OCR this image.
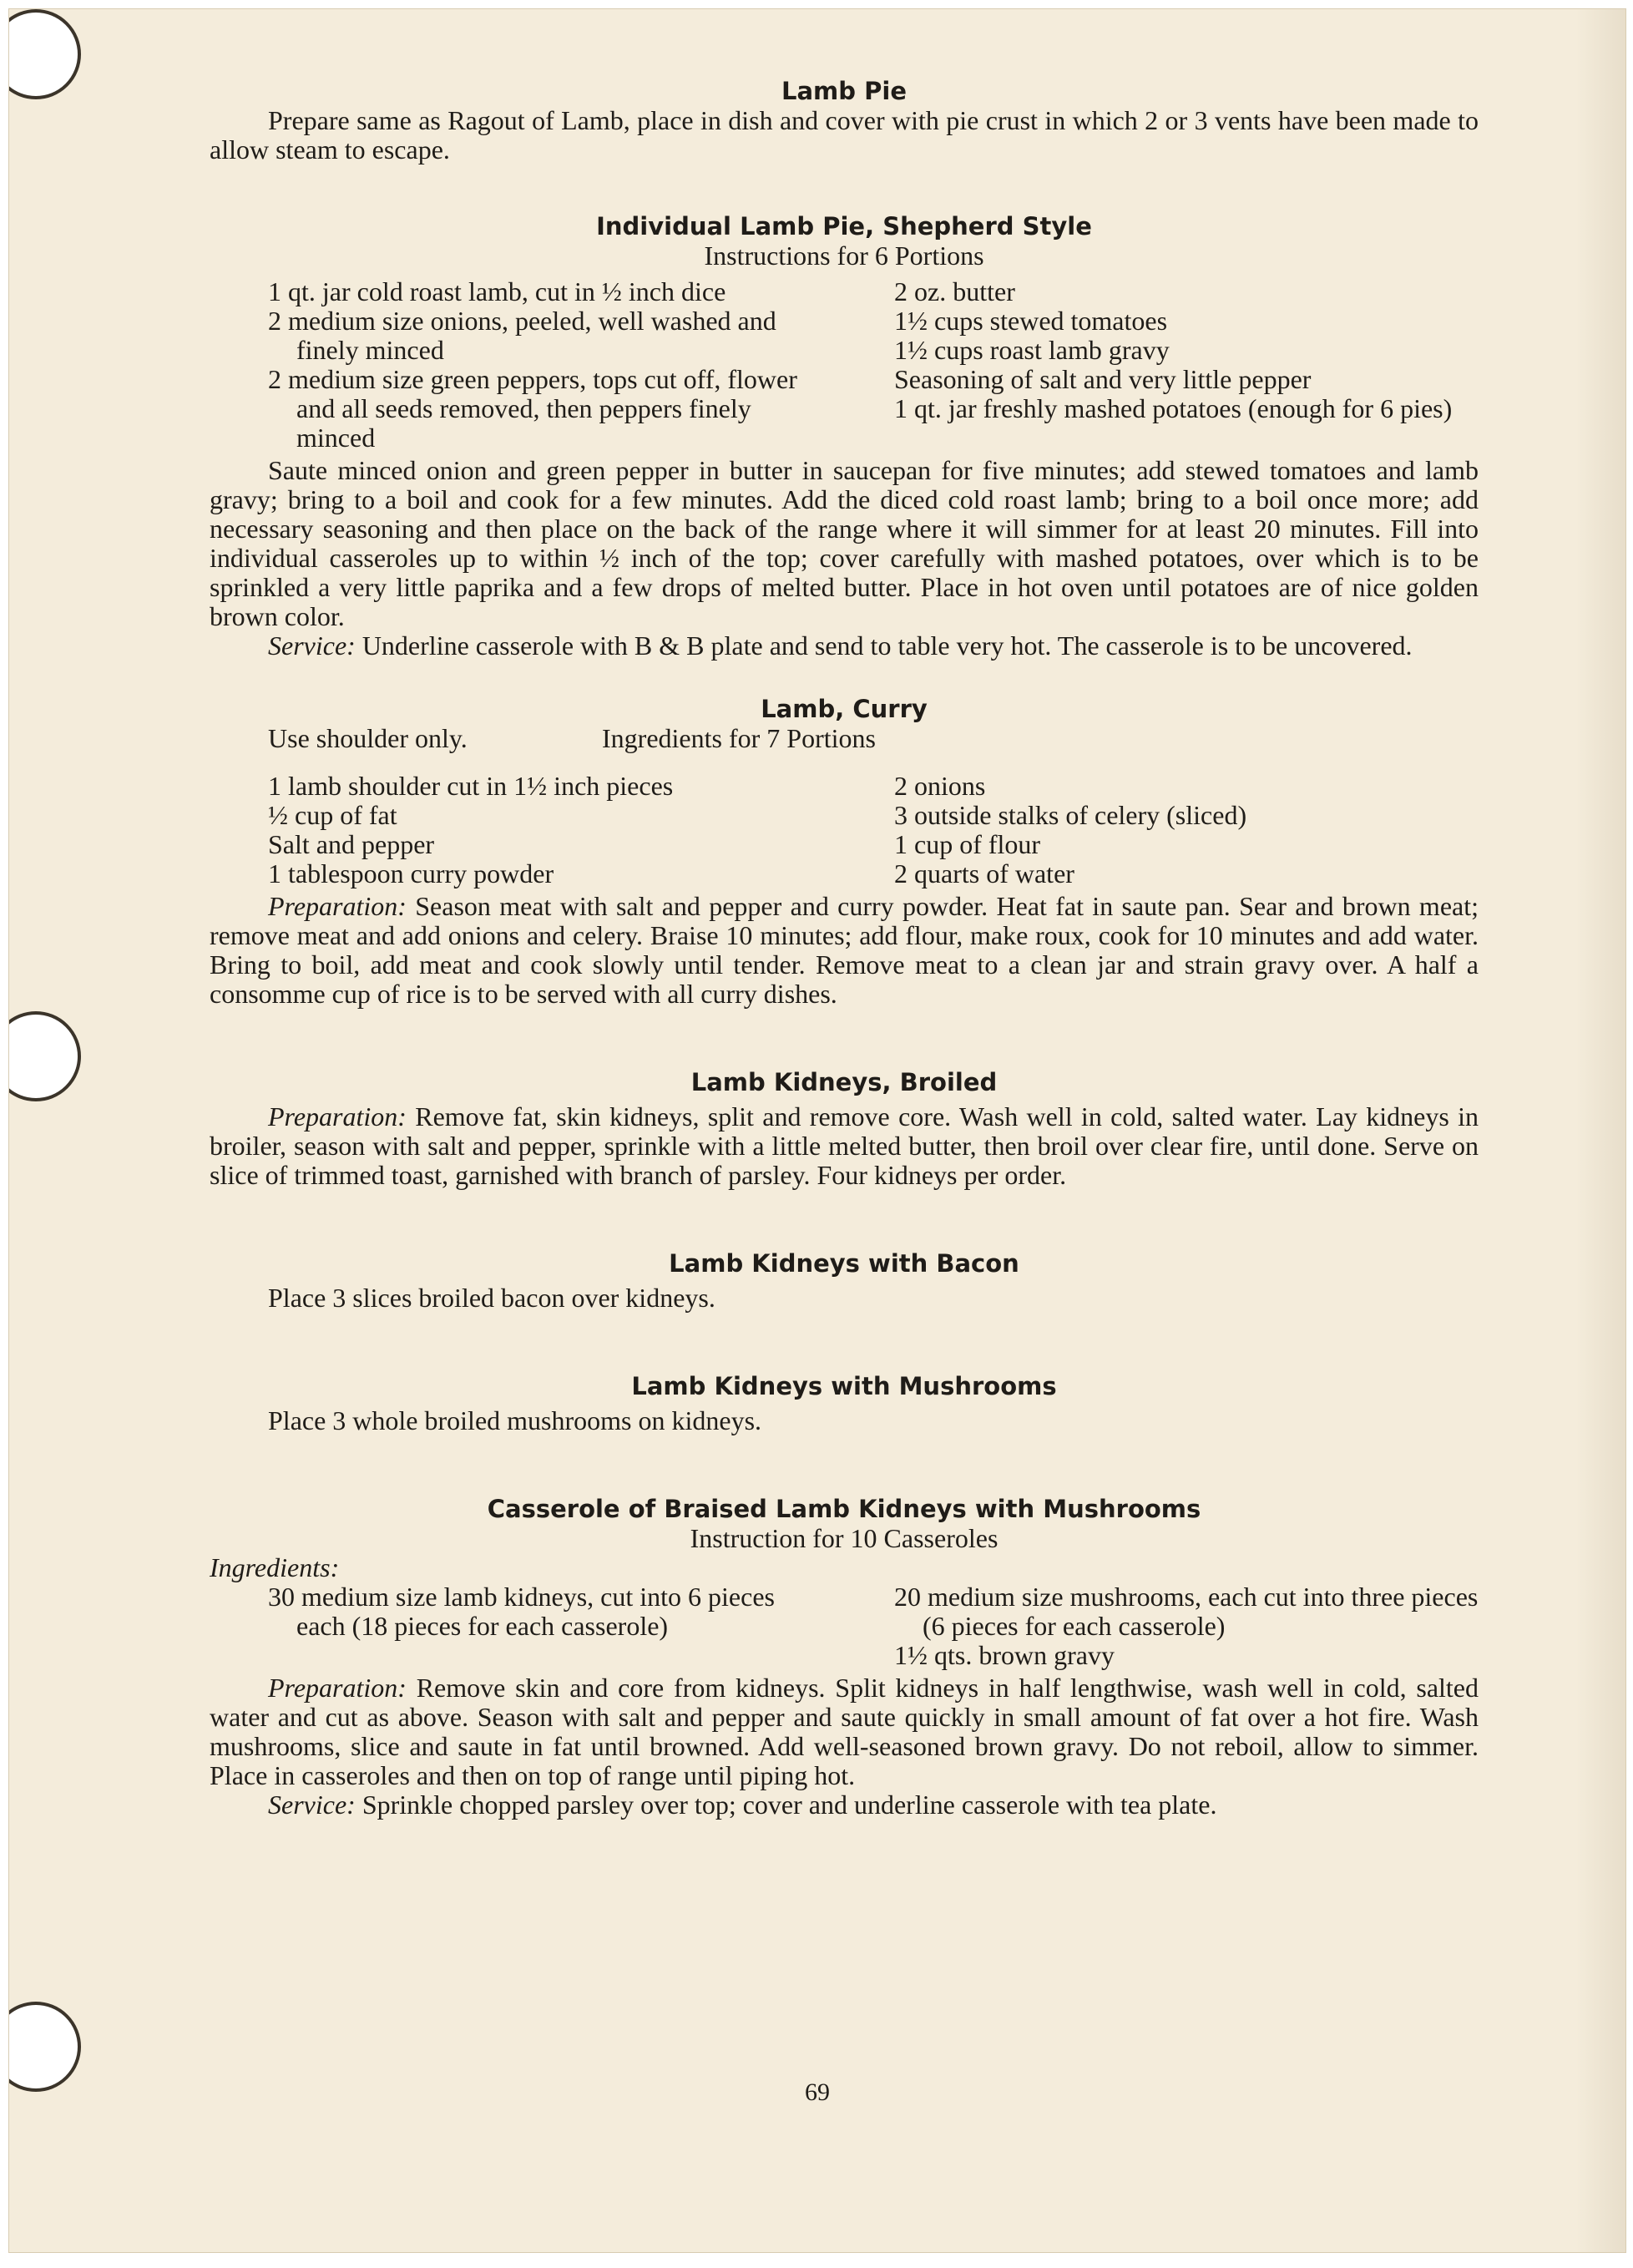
Lamb Pie

Prepare same as Ragout of Lamb, place in dish and cover with pie crust in which 2 or 3 vents have been made to allow steam to escape.

Individual Lamb Pie, Shepherd Style

Instructions for 6 Portions

1 qt. jar cold roast lamb, cut in ½ inch dice

2 medium size onions, peeled, well washed and finely minced

2 medium size green peppers, tops cut off, flower and all seeds removed, then peppers finely minced

2 oz. butter

1½ cups stewed tomatoes

1½ cups roast lamb gravy

Seasoning of salt and very little pepper

1 qt. jar freshly mashed potatoes (enough for 6 pies)

Saute minced onion and green pepper in butter in saucepan for five minutes; add stewed tomatoes and lamb gravy; bring to a boil and cook for a few minutes. Add the diced cold roast lamb; bring to a boil once more; add necessary seasoning and then place on the back of the range where it will simmer for at least 20 minutes. Fill into individual casseroles up to within ½ inch of the top; cover carefully with mashed potatoes, over which is to be sprinkled a very little paprika and a few drops of melted butter. Place in hot oven until potatoes are of nice golden brown color.

Service: Underline casserole with B & B plate and send to table very hot. The casserole is to be uncovered.

Lamb, Curry

Use shoulder only.	Ingredients for 7 Portions

1 lamb shoulder cut in 1½ inch pieces

½ cup of fat

Salt and pepper

1 tablespoon curry powder

2 onions

3 outside stalks of celery (sliced)

1 cup of flour

2 quarts of water

Preparation: Season meat with salt and pepper and curry powder. Heat fat in saute pan. Sear and brown meat; remove meat and add onions and celery. Braise 10 minutes; add flour, make roux, cook for 10 minutes and add water. Bring to boil, add meat and cook slowly until tender. Remove meat to a clean jar and strain gravy over. A half a consomme cup of rice is to be served with all curry dishes.

Lamb Kidneys, Broiled

Preparation: Remove fat, skin kidneys, split and remove core. Wash well in cold, salted water. Lay kidneys in broiler, season with salt and pepper, sprinkle with a little melted butter, then broil over clear fire, until done. Serve on slice of trimmed toast, garnished with branch of parsley. Four kidneys per order.

Lamb Kidneys with Bacon

Place 3 slices broiled bacon over kidneys.

Lamb Kidneys with Mushrooms

Place 3 whole broiled mushrooms on kidneys.

Casserole of Braised Lamb Kidneys with Mushrooms

Instruction for 10 Casseroles

Ingredients:

30 medium size lamb kidneys, cut into 6 pieces each (18 pieces for each casserole)

20 medium size mushrooms, each cut into three pieces (6 pieces for each casserole)

1½ qts. brown gravy

Preparation: Remove skin and core from kidneys. Split kidneys in half lengthwise, wash well in cold, salted water and cut as above. Season with salt and pepper and saute quickly in small amount of fat over a hot fire. Wash mushrooms, slice and saute in fat until browned. Add well-seasoned brown gravy. Do not reboil, allow to simmer. Place in casseroles and then on top of range until piping hot.

Service: Sprinkle chopped parsley over top; cover and underline casserole with tea plate.

69
